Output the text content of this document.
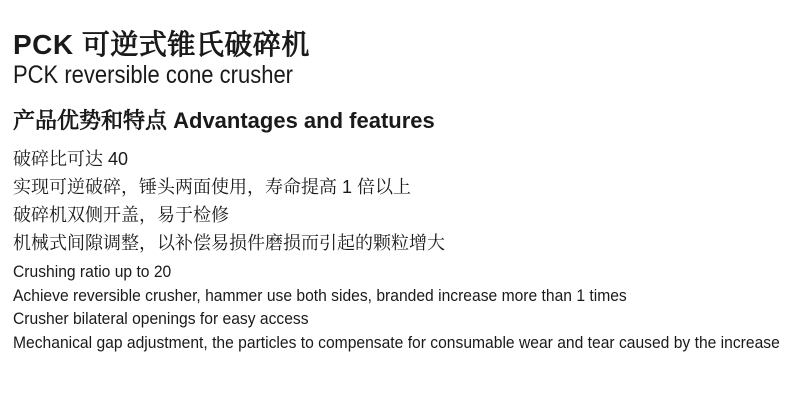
PCK 可逆式锥氏破碎机
PCK reversible cone crusher
产品优势和特点 Advantages and features
破碎比可达 40
实现可逆破碎，锤头两面使用，寿命提高 1 倍以上
破碎机双侧开盖，易于检修
机械式间隙调整，以补偿易损件磨损而引起的颗粒增大
Crushing ratio up to 20
Achieve reversible crusher, hammer use both sides, branded increase more than 1 times
Crusher bilateral openings for easy access
Mechanical gap adjustment, the particles to compensate for consumable wear and tear caused by the increase
